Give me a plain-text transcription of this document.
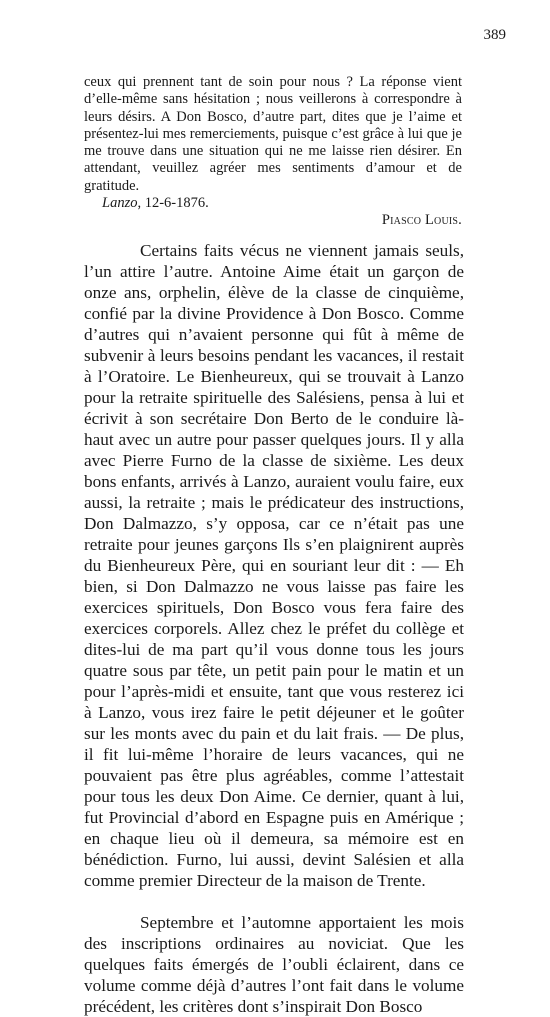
389

ceux qui prennent tant de soin pour nous ? La réponse vient d’elle-même sans hésitation ; nous veillerons à correspondre à leurs désirs. A Don Bosco, d’autre part, dites que je l’aime et présentez-lui mes remerciements, puisque c’est grâce à lui que je me trouve dans une situation qui ne me laisse rien désirer. En attendant, veuillez agréer mes sentiments d’amour et de gratitude.

Lanzo, 12-6-1876.

Piasco Louis.

Certains faits vécus ne viennent jamais seuls, l’un attire l’autre. Antoine Aime était un garçon de onze ans, orphelin, élève de la classe de cinquième, confié par la divine Providence à Don Bosco. Comme d’autres qui n’avaient personne qui fût à même de subvenir à leurs besoins pendant les vacances, il restait à l’Oratoire. Le Bienheureux, qui se trouvait à Lanzo pour la retraite spirituelle des Salésiens, pensa à lui et écrivit à son secrétaire Don Berto de le conduire là-haut avec un autre pour passer quelques jours. Il y alla avec Pierre Furno de la classe de sixième. Les deux bons enfants, arrivés à Lanzo, auraient voulu faire, eux aussi, la retraite ; mais le prédicateur des instructions, Don Dalmazzo, s’y opposa, car ce n’était pas une retraite pour jeunes garçons Ils s’en plaignirent auprès du Bienheureux Père, qui en souriant leur dit : — Eh bien, si Don Dalmazzo ne vous laisse pas faire les exercices spirituels, Don Bosco vous fera faire des exercices corporels. Allez chez le préfet du collège et dites-lui de ma part qu’il vous donne tous les jours quatre sous par tête, un petit pain pour le matin et un pour l’après-midi et ensuite, tant que vous resterez ici à Lanzo, vous irez faire le petit déjeuner et le goûter sur les monts avec du pain et du lait frais. — De plus, il fit lui-même l’horaire de leurs vacances, qui ne pouvaient pas être plus agréables, comme l’attestait pour tous les deux Don Aime. Ce dernier, quant à lui, fut Provincial d’abord en Espagne puis en Amérique ; en chaque lieu où il demeura, sa mémoire est en bénédiction. Furno, lui aussi, devint Salésien et alla comme premier Directeur de la maison de Trente.

Septembre et l’automne apportaient les mois des inscriptions ordinaires au noviciat. Que les quelques faits émergés de l’oubli éclairent, dans ce volume comme déjà d’autres l’ont fait dans le volume précédent, les critères dont s’inspirait Don Bosco
